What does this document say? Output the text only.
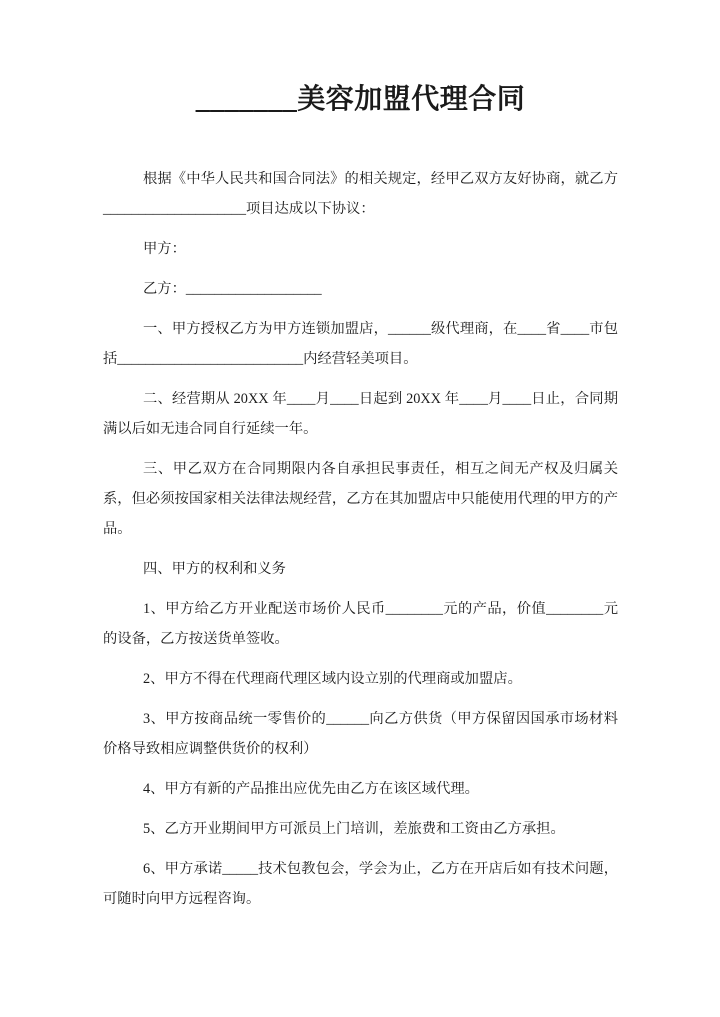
_______美容加盟代理合同

根据《中华人民共和国合同法》的相关规定，经甲乙双方友好协商，就乙方____________________项目达成以下协议：

甲方：

乙方：___________________

一、甲方授权乙方为甲方连锁加盟店，______级代理商，在____省____市包括__________________________内经营轻美项目。

二、经营期从 20XX 年____月____日起到 20XX 年____月____日止，合同期满以后如无违合同自行延续一年。

三、甲乙双方在合同期限内各自承担民事责任，相互之间无产权及归属关系，但必须按国家相关法律法规经营，乙方在其加盟店中只能使用代理的甲方的产品。

四、甲方的权利和义务

1、甲方给乙方开业配送市场价人民币________元的产品，价值________元的设备，乙方按送货单签收。

2、甲方不得在代理商代理区域内设立别的代理商或加盟店。

3、甲方按商品统一零售价的______向乙方供货（甲方保留因国承市场材料价格导致相应调整供货价的权利）

4、甲方有新的产品推出应优先由乙方在该区域代理。

5、乙方开业期间甲方可派员上门培训，差旅费和工资由乙方承担。

6、甲方承诺_____技术包教包会，学会为止，乙方在开店后如有技术问题，可随时向甲方远程咨询。
